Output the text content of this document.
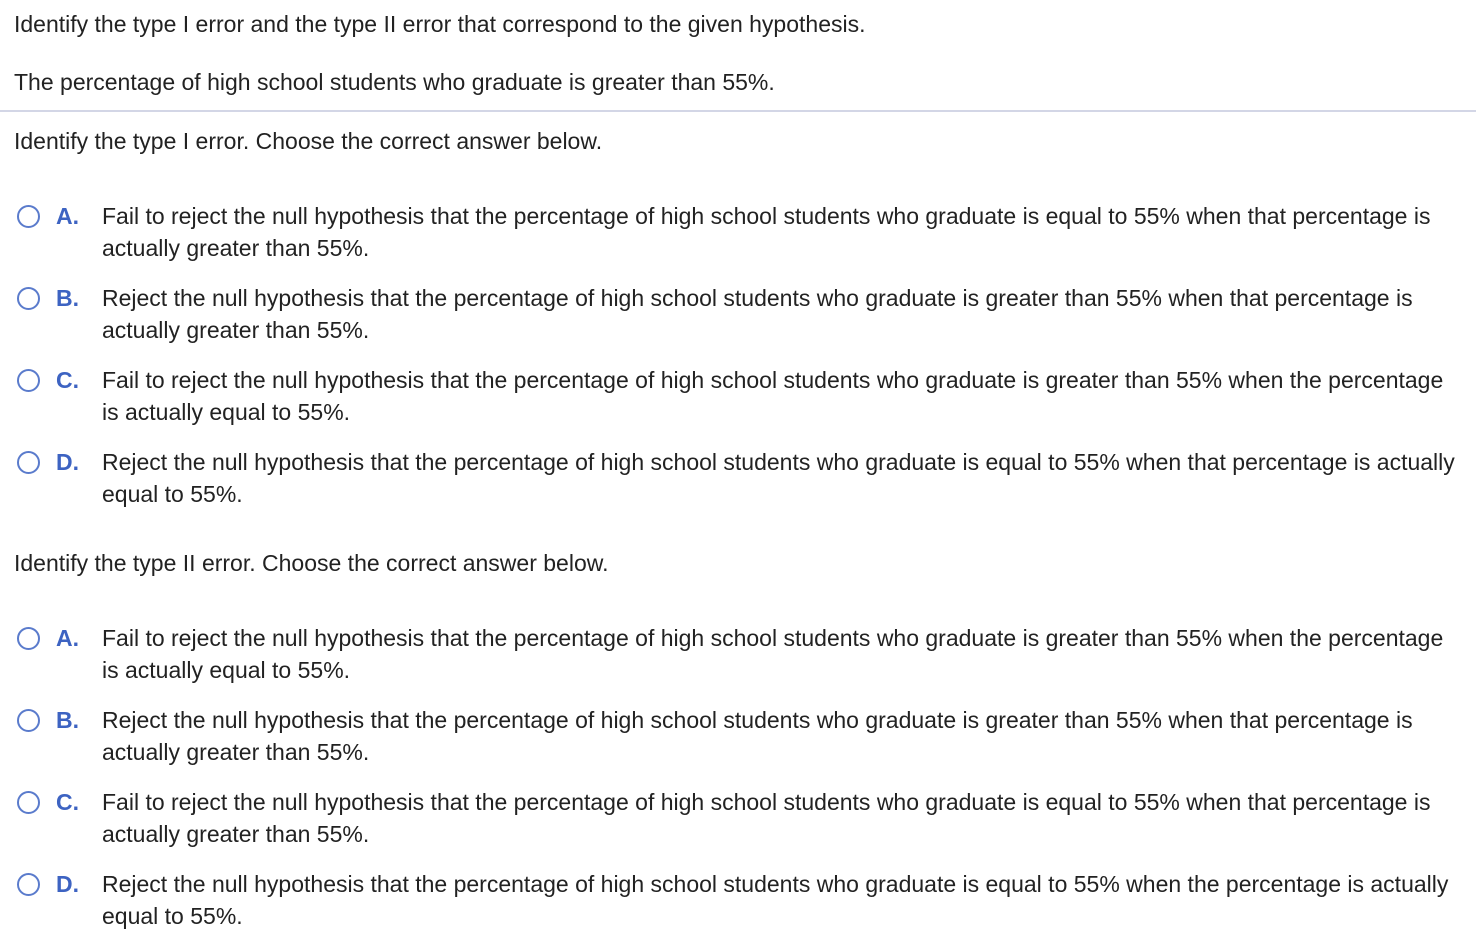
Identify the type I error and the type II error that correspond to the given hypothesis.

The percentage of high school students who graduate is greater than 55%.

Identify the type I error. Choose the correct answer below.

A.	Fail to reject the null hypothesis that the percentage of high school students who graduate is equal to 55% when that percentage is actually greater than 55%.
B.	Reject the null hypothesis that the percentage of high school students who graduate is greater than 55% when that percentage is actually greater than 55%.
C.	Fail to reject the null hypothesis that the percentage of high school students who graduate is greater than 55% when the percentage is actually equal to 55%.
D.	Reject the null hypothesis that the percentage of high school students who graduate is equal to 55% when that percentage is actually equal to 55%.

Identify the type II error. Choose the correct answer below.

A.	Fail to reject the null hypothesis that the percentage of high school students who graduate is greater than 55% when the percentage is actually equal to 55%.
B.	Reject the null hypothesis that the percentage of high school students who graduate is greater than 55% when that percentage is actually greater than 55%.
C.	Fail to reject the null hypothesis that the percentage of high school students who graduate is equal to 55% when that percentage is actually greater than 55%.
D.	Reject the null hypothesis that the percentage of high school students who graduate is equal to 55% when the percentage is actually equal to 55%.
